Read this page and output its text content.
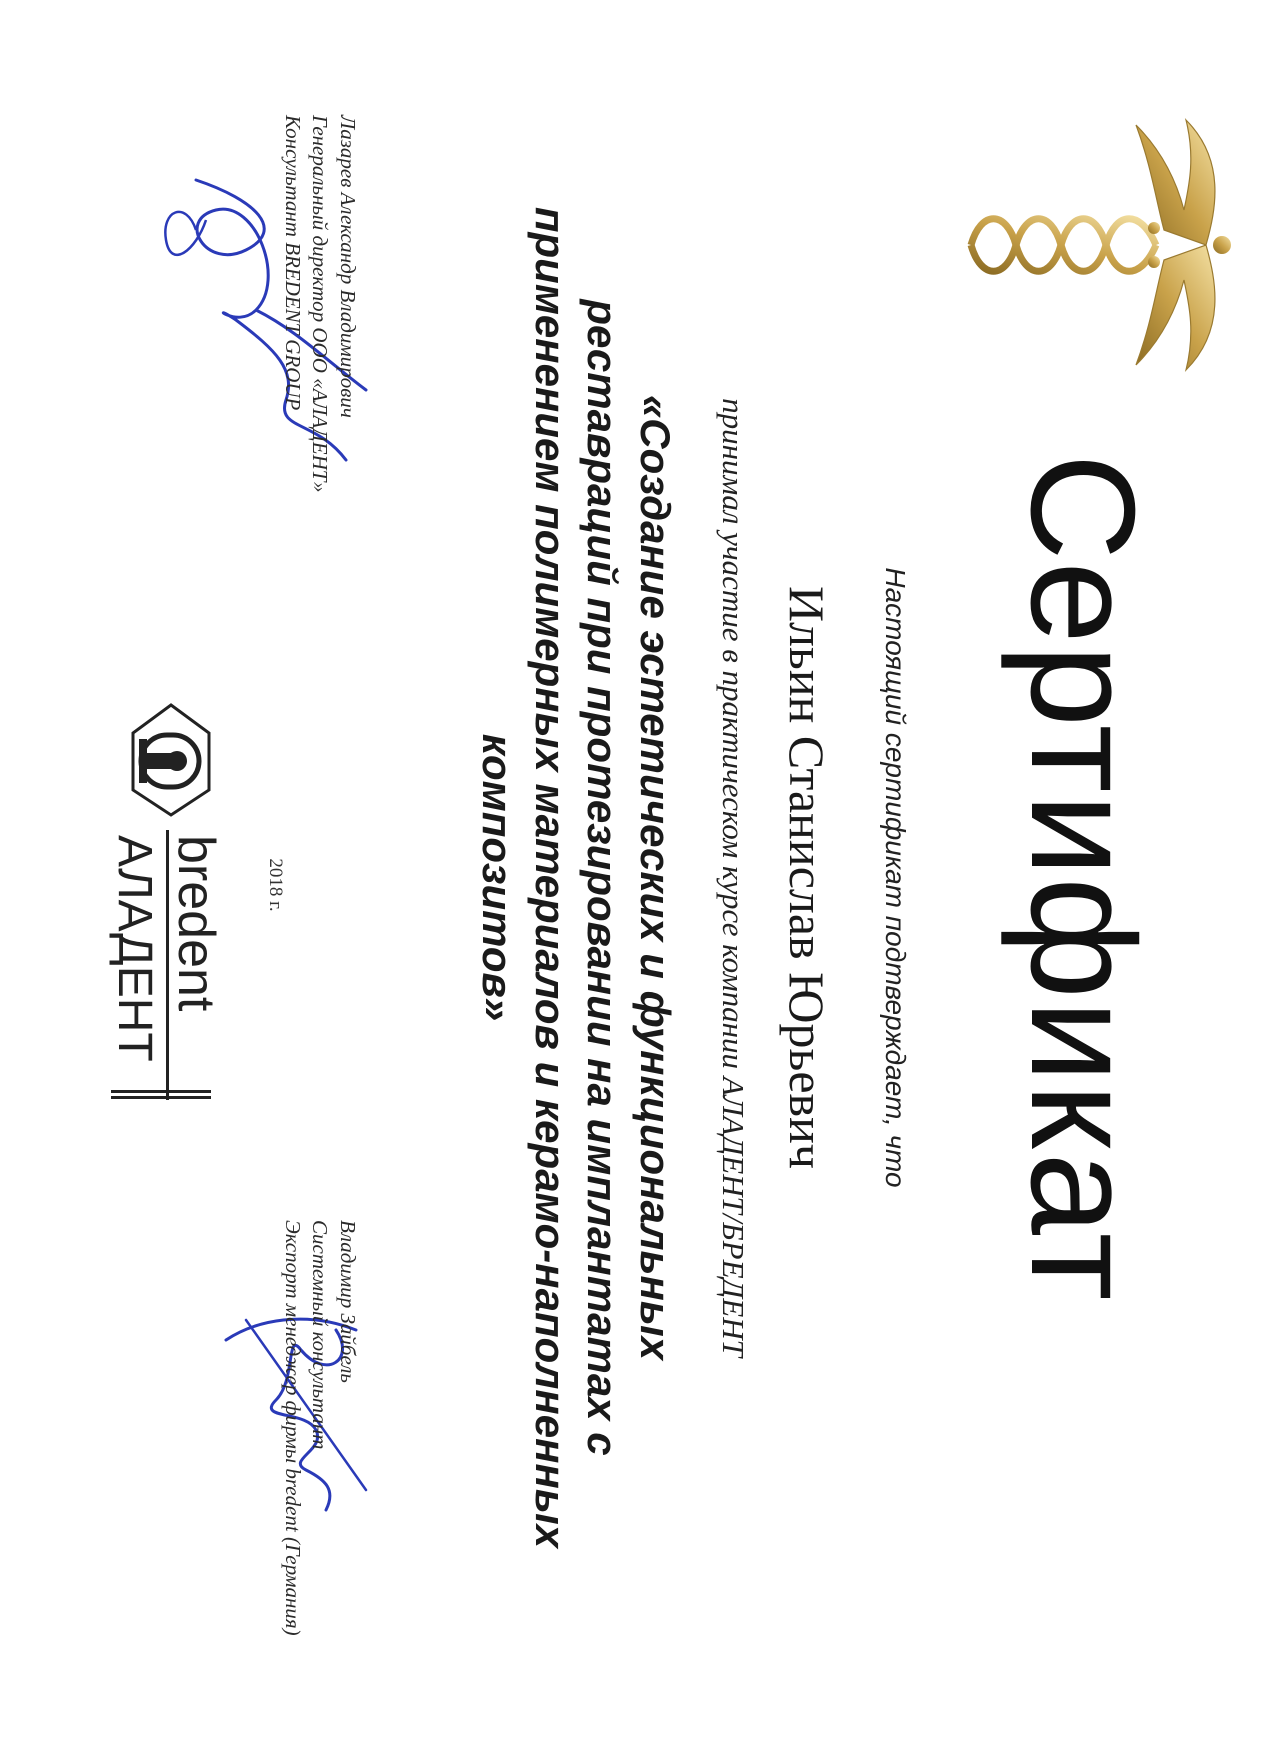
Сертификат
Настоящий сертификат подтверждает, что
Ильин Станислав Юрьевич
принимал участие в практическом курсе компании АЛАДЕНТ/БРЕДЕНТ
«Создание эстетических и функциональных
реставраций при протезировании на имплантатах с
применением полимерных материалов и керамо-наполненных
композитов»
Лазарев Александр Владимирович
Генеральный директор ООО «АЛАДЕНТ»
Консультант BREDENT GROUP
2018 г.
bredent
АЛАДЕНТ
Владимир Зайбель
Системный консультант
Экспорт менеджер фирмы bredent (Германия)
